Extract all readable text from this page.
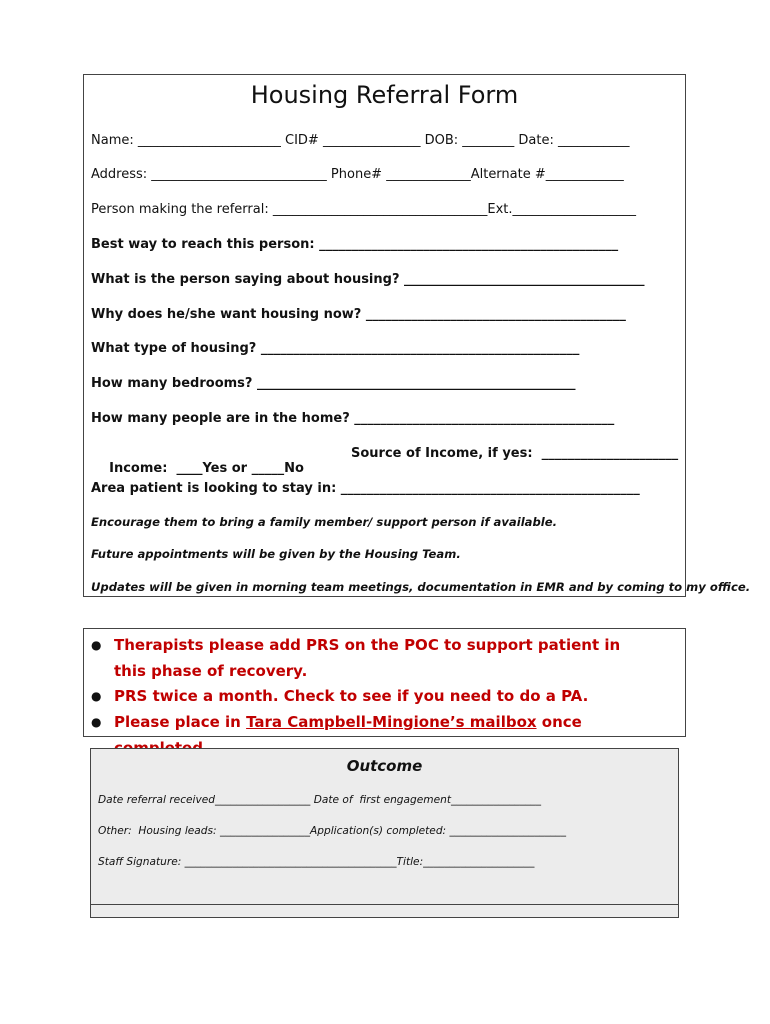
Housing Referral Form
Name: ______________________ CID# _______________ DOB: ________ Date: ___________
Address: ___________________________ Phone# _____________Alternate #____________
Person making the referral: _________________________________Ext.___________________
Best way to reach this person: ______________________________________________
What is the person saying about housing? _____________________________________
Why does he/she want housing now? ________________________________________
What type of housing? _________________________________________________
How many bedrooms? _________________________________________________
How many people are in the home? ________________________________________

Income:  ____Yes or _____No

Source of Income, if yes:  _____________________

Area patient is looking to stay in: ______________________________________________
Encourage them to bring a family member/ support person if available.
Future appointments will be given by the Housing Team.
Updates will be given in morning team meetings, documentation in EMR and by coming to my office.
● Therapists please add PRS on the POC to support patient in this phase of recovery.
● PRS twice a month. Check to see if you need to do a PA.
● Please place in Tara Campbell-Mingione’s mailbox once
Outcome
Date referral received__________________ Date of  first engagement_________________
Other:  Housing leads: _________________Application(s) completed: ______________________
Staff Signature: ________________________________________Title:_____________________
